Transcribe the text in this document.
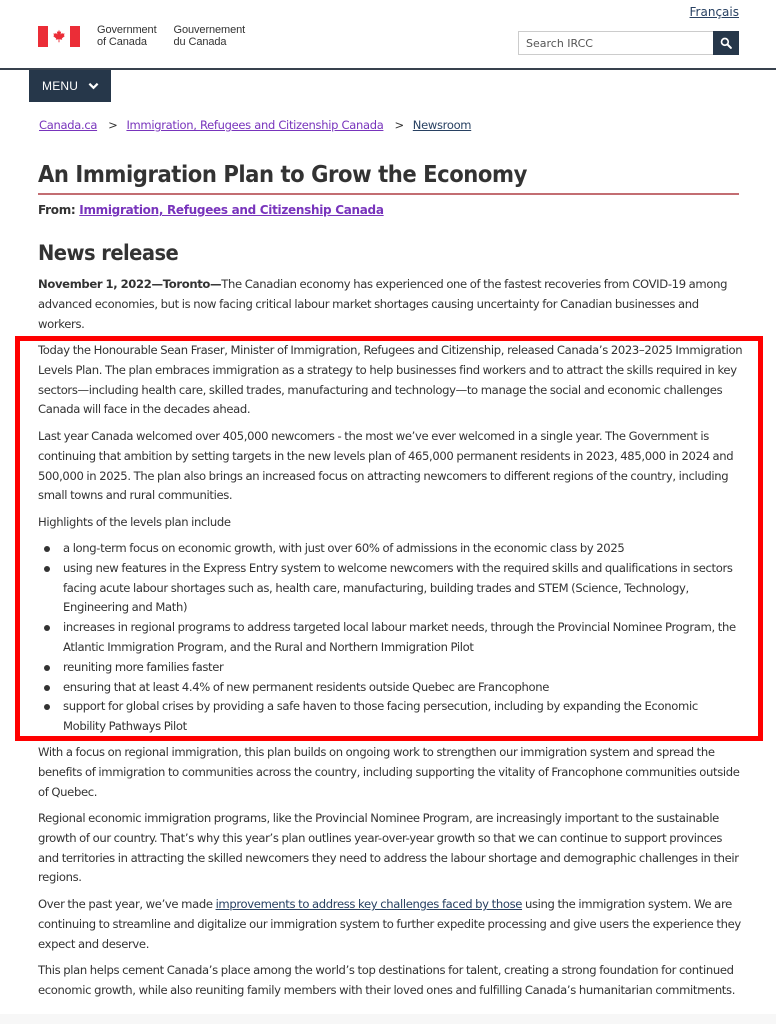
Français
Government
of Canada
Gouvernement
du Canada	Search IRCC
MENU
Canada.ca > Immigration, Refugees and Citizenship Canada > Newsroom
An Immigration Plan to Grow the Economy
From: Immigration, Refugees and Citizenship Canada
News release

November 1, 2022—Toronto—The Canadian economy has experienced one of the fastest recoveries from COVID-19 among advanced economies, but is now facing critical labour market shortages causing uncertainty for Canadian businesses and workers.

Today the Honourable Sean Fraser, Minister of Immigration, Refugees and Citizenship, released Canada’s 2023–2025 Immigration Levels Plan. The plan embraces immigration as a strategy to help businesses find workers and to attract the skills required in key sectors—including health care, skilled trades, manufacturing and technology—to manage the social and economic challenges Canada will face in the decades ahead.

Last year Canada welcomed over 405,000 newcomers - the most we’ve ever welcomed in a single year. The Government is continuing that ambition by setting targets in the new levels plan of 465,000 permanent residents in 2023, 485,000 in 2024 and 500,000 in 2025. The plan also brings an increased focus on attracting newcomers to different regions of the country, including small towns and rural communities.

Highlights of the levels plan include

a long-term focus on economic growth, with just over 60% of admissions in the economic class by 2025
using new features in the Express Entry system to welcome newcomers with the required skills and qualifications in sectors facing acute labour shortages such as, health care, manufacturing, building trades and STEM (Science, Technology, Engineering and Math)
increases in regional programs to address targeted local labour market needs, through the Provincial Nominee Program, the Atlantic Immigration Program, and the Rural and Northern Immigration Pilot
reuniting more families faster
ensuring that at least 4.4% of new permanent residents outside Quebec are Francophone
support for global crises by providing a safe haven to those facing persecution, including by expanding the Economic Mobility Pathways Pilot

With a focus on regional immigration, this plan builds on ongoing work to strengthen our immigration system and spread the benefits of immigration to communities across the country, including supporting the vitality of Francophone communities outside of Quebec.

Regional economic immigration programs, like the Provincial Nominee Program, are increasingly important to the sustainable growth of our country. That’s why this year’s plan outlines year-over-year growth so that we can continue to support provinces and territories in attracting the skilled newcomers they need to address the labour shortage and demographic challenges in their regions.

Over the past year, we’ve made improvements to address key challenges faced by those using the immigration system. We are continuing to streamline and digitalize our immigration system to further expedite processing and give users the experience they expect and deserve.

This plan helps cement Canada’s place among the world’s top destinations for talent, creating a strong foundation for continued economic growth, while also reuniting family members with their loved ones and fulfilling Canada’s humanitarian commitments.
